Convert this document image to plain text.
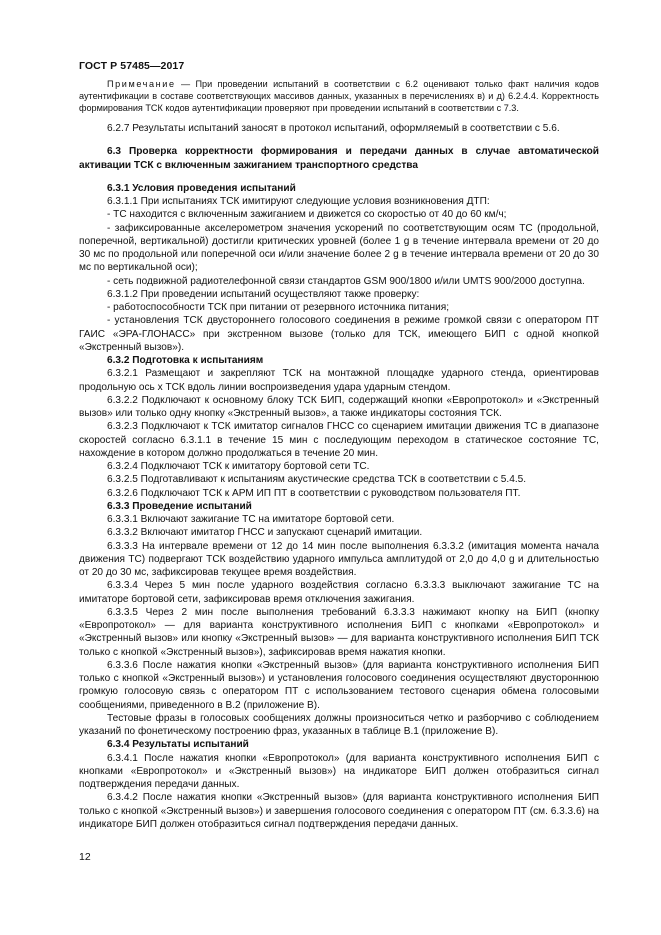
ГОСТ Р 57485—2017

Примечание — При проведении испытаний в соответствии с 6.2 оценивают только факт наличия кодов аутентификации в составе соответствующих массивов данных, указанных в перечислениях в) и д) 6.2.4.4. Корректность формирования ТСК кодов аутентификации проверяют при проведении испытаний в соответствии с 7.3.

6.2.7 Результаты испытаний заносят в протокол испытаний, оформляемый в соответствии с 5.6.

6.3 Проверка корректности формирования и передачи данных в случае автоматической активации ТСК с включенным зажиганием транспортного средства

6.3.1 Условия проведения испытаний

6.3.1.1 При испытаниях ТСК имитируют следующие условия возникновения ДТП:

- ТС находится с включенным зажиганием и движется со скоростью от 40 до 60 км/ч;

- зафиксированные акселерометром значения ускорений по соответствующим осям ТС (продольной, поперечной, вертикальной) достигли критических уровней (более 1 g в течение интервала времени от 20 до 30 мс по продольной или поперечной оси и/или значение более 2 g в течение интервала времени от 20 до 30 мс по вертикальной оси);

- сеть подвижной радиотелефонной связи стандартов GSM 900/1800 и/или UMTS 900/2000 доступна.

6.3.1.2 При проведении испытаний осуществляют также проверку:

- работоспособности ТСК при питании от резервного источника питания;

- установления ТСК двустороннего голосового соединения в режиме громкой связи с оператором ПТ ГАИС «ЭРА-ГЛОНАСС» при экстренном вызове (только для ТСК, имеющего БИП с одной кнопкой «Экстренный вызов»).

6.3.2 Подготовка к испытаниям

6.3.2.1 Размещают и закрепляют ТСК на монтажной площадке ударного стенда, ориентировав продольную ось x ТСК вдоль линии воспроизведения удара ударным стендом.

6.3.2.2 Подключают к основному блоку ТСК БИП, содержащий кнопки «Европротокол» и «Экстренный вызов» или только одну кнопку «Экстренный вызов», а также индикаторы состояния ТСК.

6.3.2.3 Подключают к ТСК имитатор сигналов ГНСС со сценарием имитации движения ТС в диапазоне скоростей согласно 6.3.1.1 в течение 15 мин с последующим переходом в статическое состояние ТС, нахождение в котором должно продолжаться в течение 20 мин.

6.3.2.4 Подключают ТСК к имитатору бортовой сети ТС.

6.3.2.5 Подготавливают к испытаниям акустические средства ТСК в соответствии с 5.4.5.

6.3.2.6 Подключают ТСК к АРМ ИП ПТ в соответствии с руководством пользователя ПТ.

6.3.3 Проведение испытаний

6.3.3.1 Включают зажигание ТС на имитаторе бортовой сети.

6.3.3.2 Включают имитатор ГНСС и запускают сценарий имитации.

6.3.3.3 На интервале времени от 12 до 14 мин после выполнения 6.3.3.2 (имитация момента начала движения ТС) подвергают ТСК воздействию ударного импульса амплитудой от 2,0 до 4,0 g и длительностью от 20 до 30 мс, зафиксировав текущее время воздействия.

6.3.3.4 Через 5 мин после ударного воздействия согласно 6.3.3.3 выключают зажигание ТС на имитаторе бортовой сети, зафиксировав время отключения зажигания.

6.3.3.5 Через 2 мин после выполнения требований 6.3.3.3 нажимают кнопку на БИП (кнопку «Европротокол» — для варианта конструктивного исполнения БИП с кнопками «Европротокол» и «Экстренный вызов» или кнопку «Экстренный вызов» — для варианта конструктивного исполнения БИП ТСК только с кнопкой «Экстренный вызов»), зафиксировав время нажатия кнопки.

6.3.3.6 После нажатия кнопки «Экстренный вызов» (для варианта конструктивного исполнения БИП только с кнопкой «Экстренный вызов») и установления голосового соединения осуществляют двустороннюю громкую голосовую связь с оператором ПТ с использованием тестового сценария обмена голосовыми сообщениями, приведенного в В.2 (приложение В).

Тестовые фразы в голосовых сообщениях должны произноситься четко и разборчиво с соблюдением указаний по фонетическому построению фраз, указанных в таблице В.1 (приложение В).

6.3.4 Результаты испытаний

6.3.4.1 После нажатия кнопки «Европротокол» (для варианта конструктивного исполнения БИП с кнопками «Европротокол» и «Экстренный вызов») на индикаторе БИП должен отобразиться сигнал подтверждения передачи данных.

6.3.4.2 После нажатия кнопки «Экстренный вызов» (для варианта конструктивного исполнения БИП только с кнопкой «Экстренный вызов») и завершения голосового соединения с оператором ПТ (см. 6.3.3.6) на индикаторе БИП должен отобразиться сигнал подтверждения передачи данных.

12
